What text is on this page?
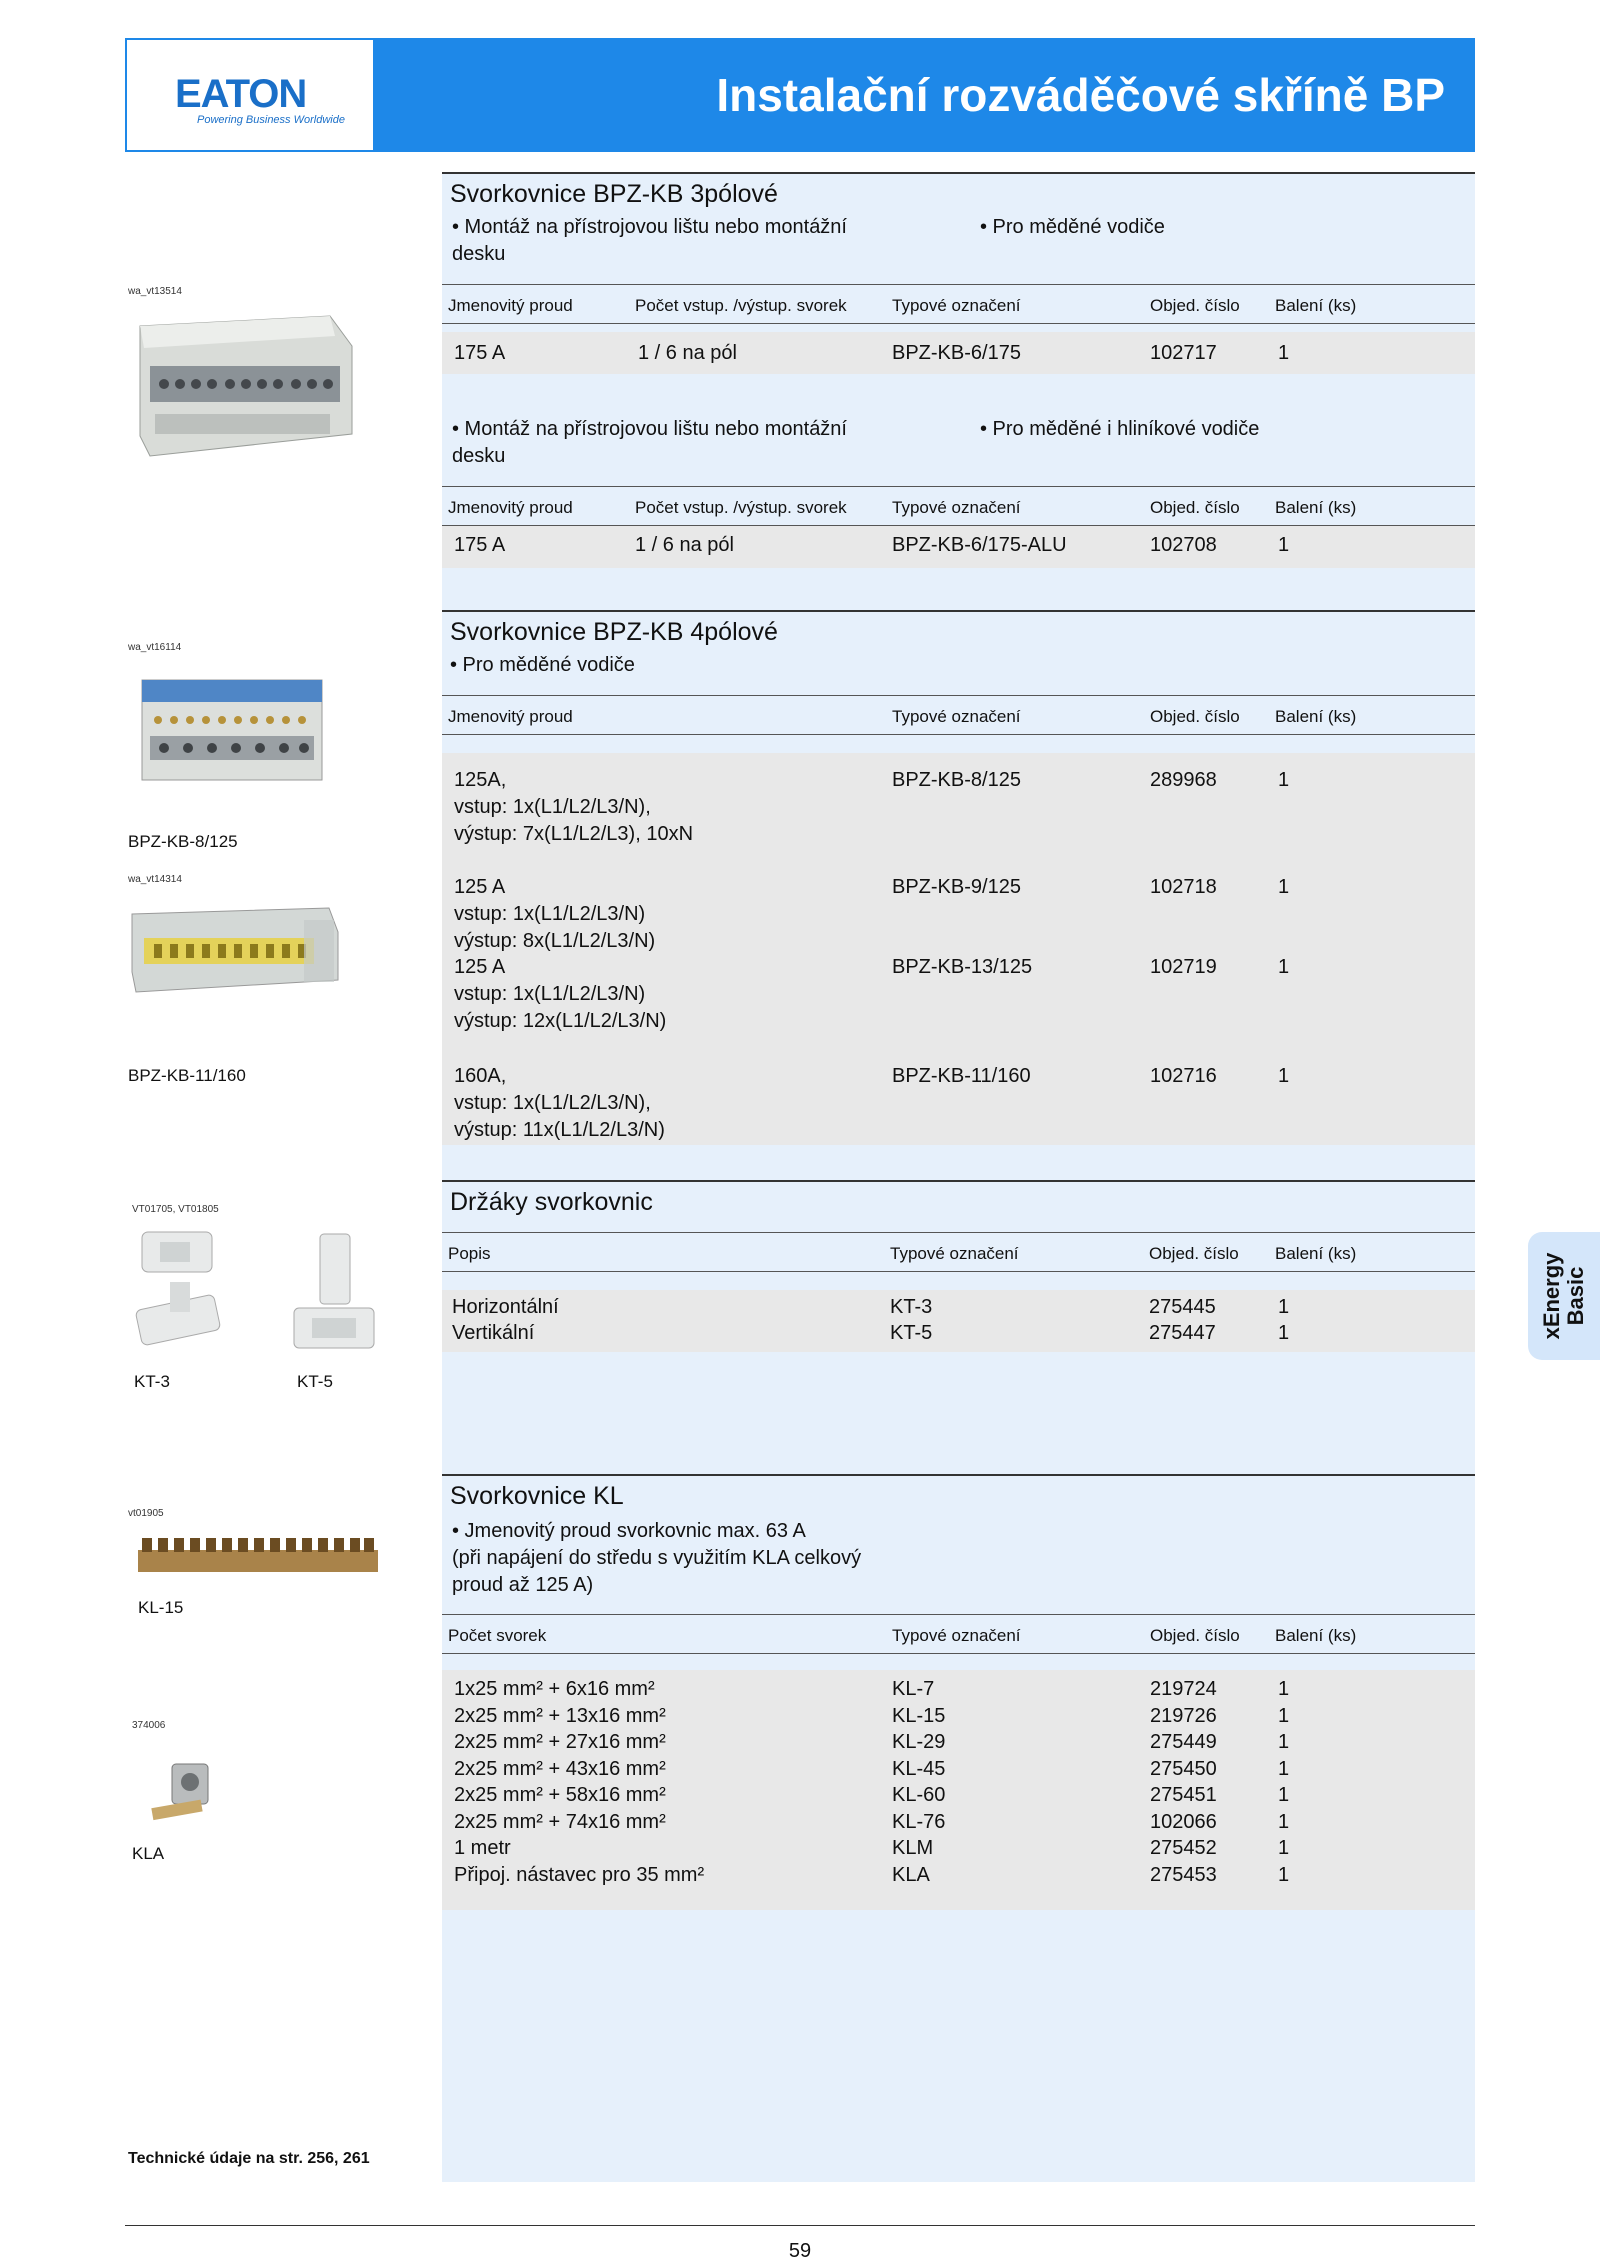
EATON
Powering Business Worldwide	Instalační rozváděčové skříně BP
xEnergy Basic
Svorkovnice BPZ-KB 3pólové
• Montáž na přístrojovou lištu nebo montážní
desku
• Pro měděné vodiče
Jmenovitý proud	Počet vstup. /výstup. svorek	Typové označení	Objed. číslo Balení (ks)
175 A	1 / 6 na pól	BPZ-KB-6/175	102717	1
• Montáž na přístrojovou lištu nebo montážní
desku
• Pro měděné i hliníkové vodiče
Jmenovitý proud	Počet vstup. /výstup. svorek	Typové označení	Objed. číslo Balení (ks)
175 A	1 / 6 na pól	BPZ-KB-6/175-ALU	102708	1
Svorkovnice BPZ-KB 4pólové
• Pro měděné vodiče
Jmenovitý proud	Typové označení	Objed. číslo Balení (ks)
125A,
vstup: 1x(L1/L2/L3/N),
výstup: 7x(L1/L2/L3), 10xN
BPZ-KB-8/125	289968	1
125 A
vstup: 1x(L1/L2/L3/N)
výstup: 8x(L1/L2/L3/N)
BPZ-KB-9/125	102718	1
125 A
vstup: 1x(L1/L2/L3/N)
výstup: 12x(L1/L2/L3/N)
BPZ-KB-13/125	102719	1
160A,
vstup: 1x(L1/L2/L3/N),
výstup: 11x(L1/L2/L3/N)
BPZ-KB-11/160	102716	1
Držáky svorkovnic
Popis	Typové označení	Objed. číslo Balení (ks)
Horizontální	KT-3	275445	1
Vertikální	KT-5	275447	1
Svorkovnice KL
• Jmenovitý proud svorkovnic max. 63 A
(při napájení do středu s využitím KLA celkový
proud až 125 A)
Počet svorek	Typové označení	Objed. číslo Balení (ks)
1x25 mm² + 6x16 mm²	KL-7	219724	1
2x25 mm² + 13x16 mm²	KL-15	219726	1
2x25 mm² + 27x16 mm²	KL-29	275449	1
2x25 mm² + 43x16 mm²	KL-45	275450	1
2x25 mm² + 58x16 mm²	KL-60	275451	1
2x25 mm² + 74x16 mm²	KL-76	102066	1
1 metr	KLM	275452	1
Připoj. nástavec pro 35 mm²	KLA	275453	1
wa_vt13514
wa_vt16114
BPZ-KB-8/125
wa_vt14314
BPZ-KB-11/160
VT01705, VT01805
KT-3	KT-5
vt01905
KL-15
374006
KLA
Technické údaje na str. 256, 261
59
